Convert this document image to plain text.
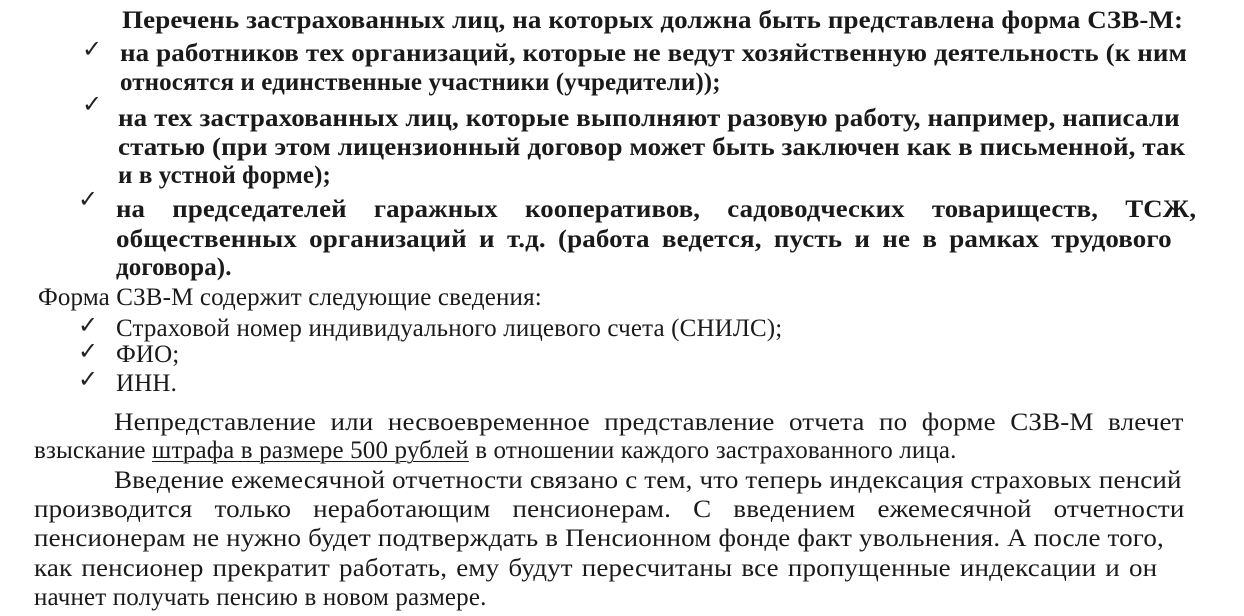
Перечень застрахованных лиц, на которых должна быть представлена форма СЗВ-М:
✓ на работников тех организаций, которые не ведут хозяйственную деятельность (к ним
относятся и единственные участники (учредители));
✓
на тех застрахованных лиц, которые выполняют разовую работу, например, написали
статью (при этом лицензионный договор может быть заключен как в письменной, так
и в устной форме);
✓ на председателей гаражных кооперативов, садоводческих товариществ, ТСЖ,
общественных организаций и т.д. (работа ведется, пусть и не в рамках трудового
договора).
Форма СЗВ-М содержит следующие сведения:
✓ Страховой номер индивидуального лицевого счета (СНИЛС);
✓ ФИО;
✓ ИНН.
Непредставление или несвоевременное представление отчета по форме СЗВ-М влечет
взыскание штрафа в размере 500 рублей в отношении каждого застрахованного лица.
Введение ежемесячной отчетности связано с тем, что теперь индексация страховых пенсий
производится только неработающим пенсионерам. С введением ежемесячной отчетности
пенсионерам не нужно будет подтверждать в Пенсионном фонде факт увольнения. А после того,
как пенсионер прекратит работать, ему будут пересчитаны все пропущенные индексации и он
начнет получать пенсию в новом размере.
